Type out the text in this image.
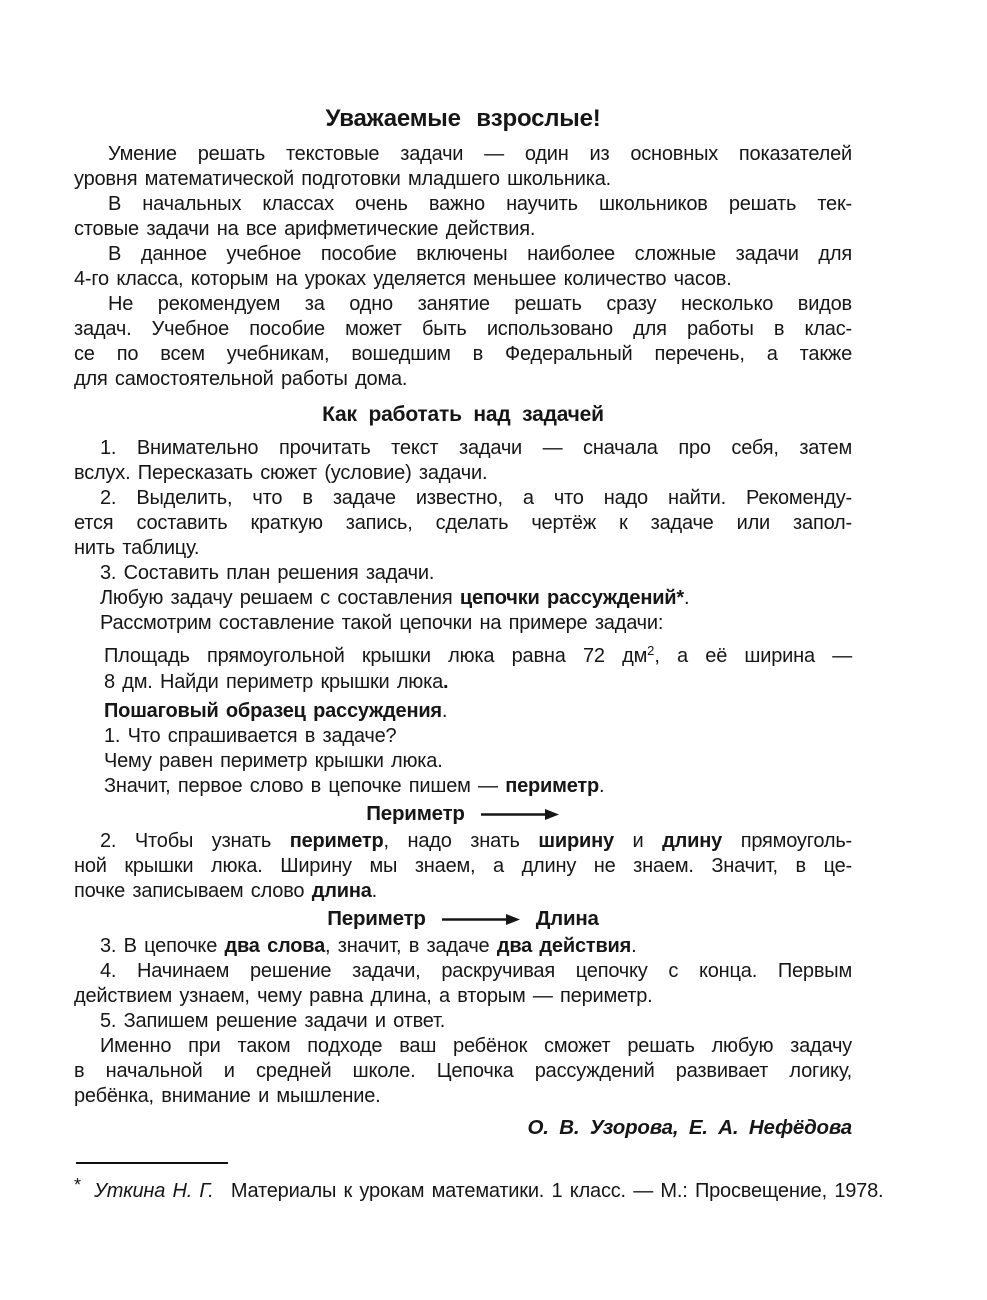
Уважаемые взрослые!
Умение решать текстовые задачи — один из основных показателей
уровня математической подготовки младшего школьника.
В начальных классах очень важно научить школьников решать тек-
стовые задачи на все арифметические действия.
В данное учебное пособие включены наиболее сложные задачи для
4-го класса, которым на уроках уделяется меньшее количество часов.
Не рекомендуем за одно занятие решать сразу несколько видов
задач. Учебное пособие может быть использовано для работы в клас-
се по всем учебникам, вошедшим в Федеральный перечень, а также
для самостоятельной работы дома.
Как работать над задачей
1. Внимательно прочитать текст задачи — сначала про себя, затем
вслух. Пересказать сюжет (условие) задачи.
2. Выделить, что в задаче известно, а что надо найти. Рекоменду-
ется составить краткую запись, сделать чертёж к задаче или запол-
нить таблицу.
3. Составить план решения задачи.
Любую задачу решаем с составления цепочки рассуждений*.
Рассмотрим составление такой цепочки на примере задачи:
Площадь прямоугольной крышки люка равна 72 $дм^2$, а её ширина —
8 дм. Найди периметр крышки люка.
Пошаговый образец рассуждения.
1. Что спрашивается в задаче?
Чему равен периметр крышки люка.
Значит, первое слово в цепочке пишем — периметр.
Периметр
2. Чтобы узнать периметр, надо знать ширину и длину прямоуголь-
ной крышки люка. Ширину мы знаем, а длину не знаем. Значит, в це-
почке записываем слово длина.
Периметр	Длина
3. В цепочке два слова, значит, в задаче два действия.
4. Начинаем решение задачи, раскручивая цепочку с конца. Первым
действием узнаем, чему равна длина, а вторым — периметр.
5. Запишем решение задачи и ответ.
Именно при таком подходе ваш ребёнок сможет решать любую задачу
в начальной и средней школе. Цепочка рассуждений развивает логику,
ребёнка, внимание и мышление.
О. В. Узорова, Е. А. Нефёдова
* Уткина Н. Г. Материалы к урокам математики. 1 класс. — М.: Просвещение, 1978.
